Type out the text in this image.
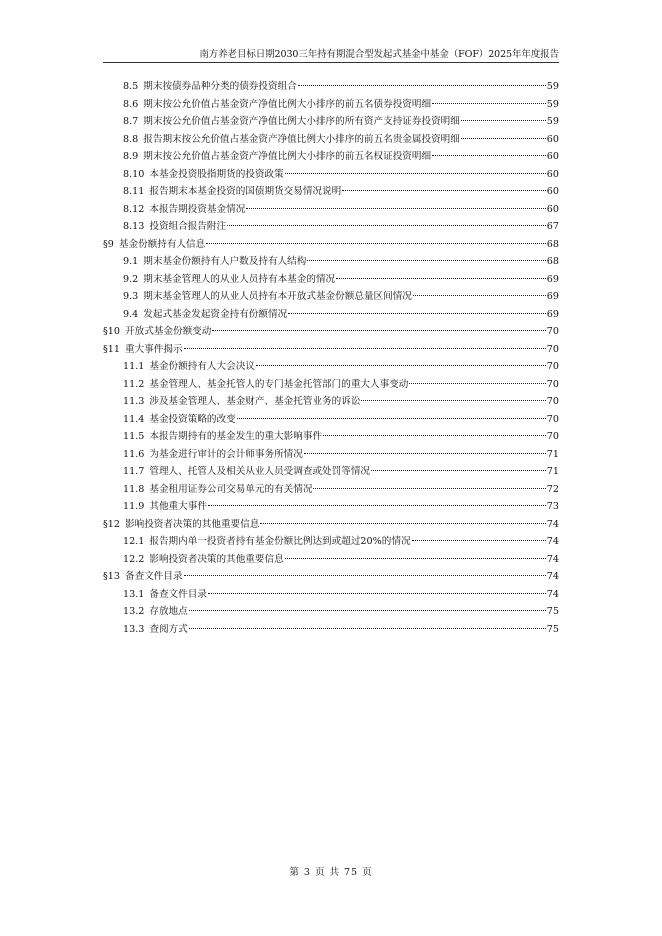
南方养老目标日期2030三年持有期混合型发起式基金中基金（FOF）2025年年度报告
8.5 期末按债券品种分类的债券投资组合	59
8.6 期末按公允价值占基金资产净值比例大小排序的前五名债券投资明细	59
8.7 期末按公允价值占基金资产净值比例大小排序的所有资产支持证券投资明细	59
8.8 报告期末按公允价值占基金资产净值比例大小排序的前五名贵金属投资明细	60
8.9 期末按公允价值占基金资产净值比例大小排序的前五名权证投资明细	60
8.10 本基金投资股指期货的投资政策	60
8.11 报告期末本基金投资的国债期货交易情况说明	60
8.12 本报告期投资基金情况	60
8.13 投资组合报告附注	67
§9 基金份额持有人信息	68
9.1 期末基金份额持有人户数及持有人结构	68
9.2 期末基金管理人的从业人员持有本基金的情况	69
9.3 期末基金管理人的从业人员持有本开放式基金份额总量区间情况	69
9.4 发起式基金发起资金持有份额情况	69
§10 开放式基金份额变动	70
§11 重大事件揭示	70
11.1 基金份额持有人大会决议	70
11.2 基金管理人、基金托管人的专门基金托管部门的重大人事变动	70
11.3 涉及基金管理人、基金财产、基金托管业务的诉讼	70
11.4 基金投资策略的改变	70
11.5 本报告期持有的基金发生的重大影响事件	70
11.6 为基金进行审计的会计师事务所情况	71
11.7 管理人、托管人及相关从业人员受调查或处罚等情况	71
11.8 基金租用证券公司交易单元的有关情况	72
11.9 其他重大事件	73
§12 影响投资者决策的其他重要信息	74
12.1 报告期内单一投资者持有基金份额比例达到或超过20%的情况	74
12.2 影响投资者决策的其他重要信息	74
§13 备查文件目录	74
13.1 备查文件目录	74
13.2 存放地点	75
13.3 查阅方式	75
第 3 页 共 75 页
